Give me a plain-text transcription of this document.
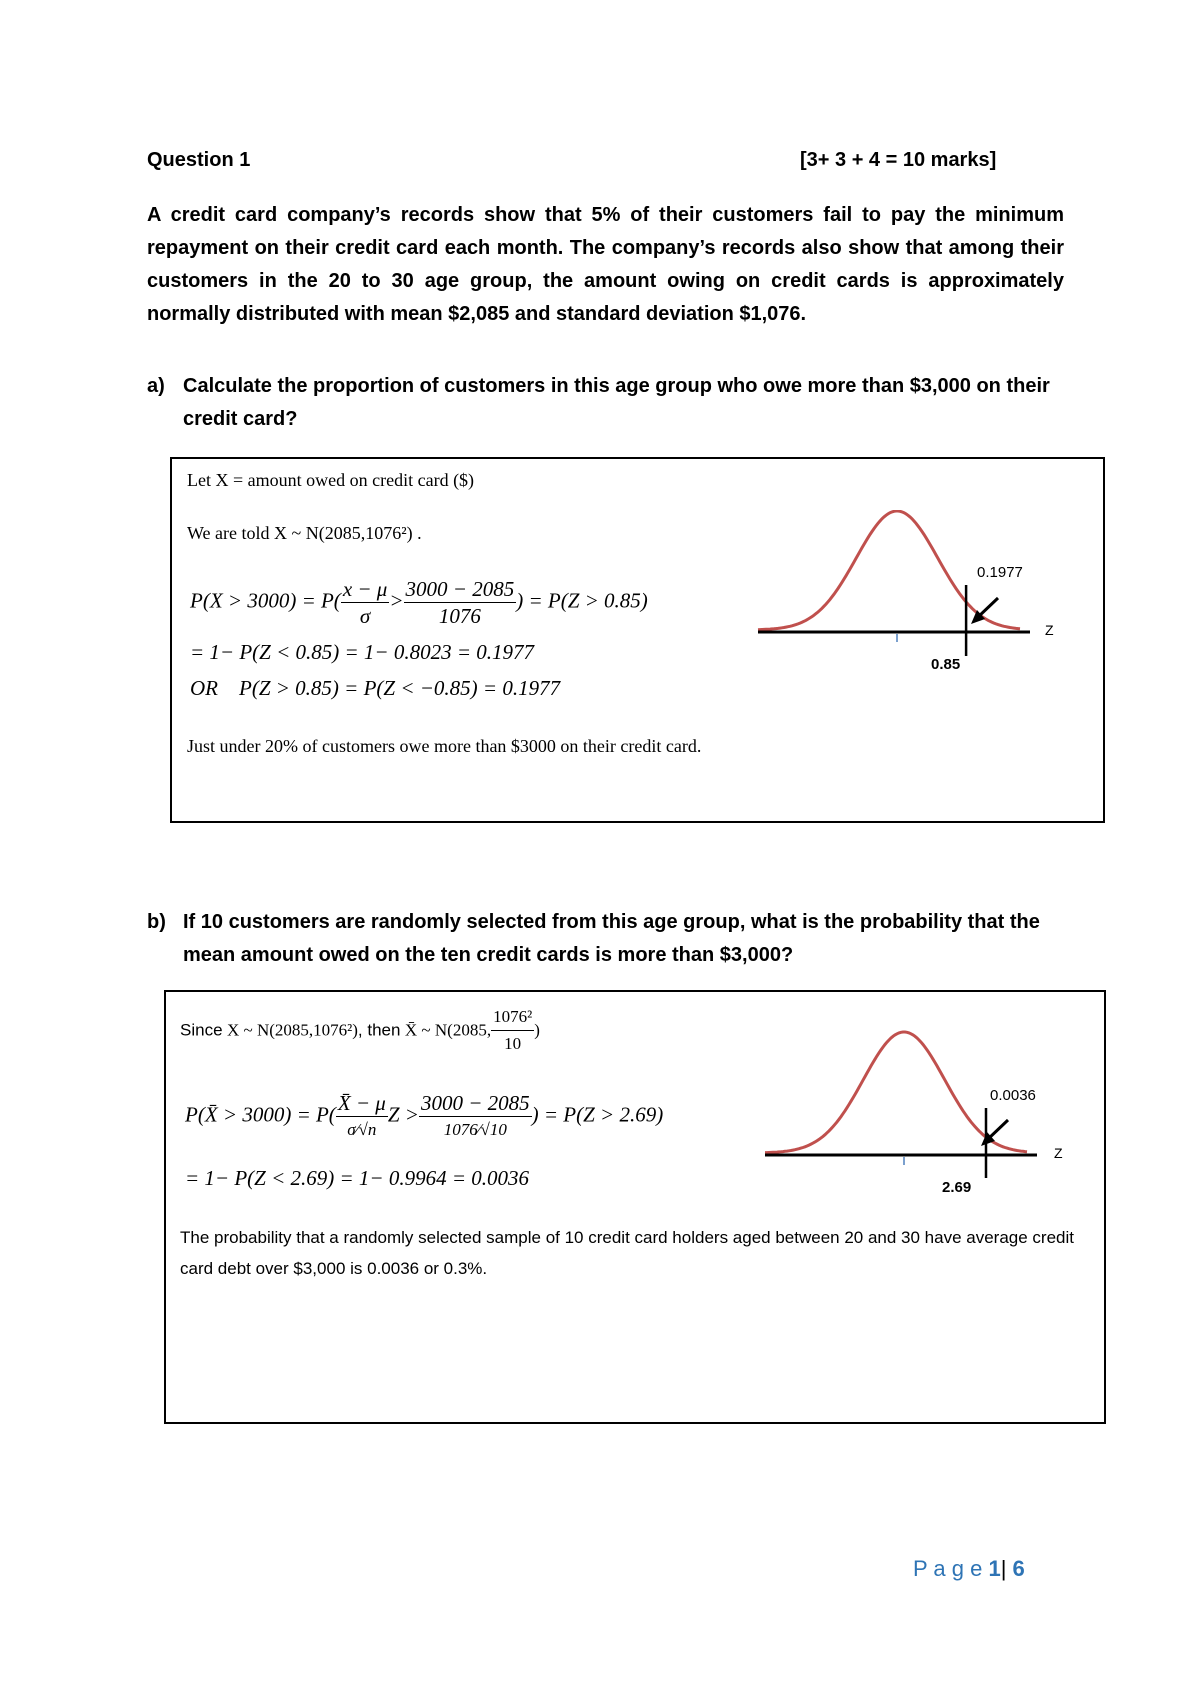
Question 1	[3+ 3 + 4 = 10 marks]
A credit card company’s records show that 5% of their customers fail to pay the minimum repayment on their credit card each month. The company’s records also show that among their customers in the 20 to 30 age group, the amount owing on credit cards is approximately normally distributed with mean $2,085 and standard deviation $1,076.
a) Calculate the proportion of customers in this age group who owe more than $3,000 on their credit card?
Let X = amount owed on credit card ($)
We are told X ~ N(2085,1076²) .
$P(X > 3000) = P( \frac{x - \mu}{\sigma} > \frac{3000 - 2085}{1076}$ ) = P(Z > 0.85)
= 1− P(Z < 0.85) = 1− 0.8023 = 0.1977
OR P(Z > 0.85) = P(Z < −0.85) = 0.1977
Just under 20% of customers owe more than $3000 on their credit card.
0.1977
0.85
Z
b) If 10 customers are randomly selected from this age group, what is the probability that the mean amount owed on the ten credit cards is more than $3,000?
Since X ~ N(2085,1076²), then X̄ ~ N(2085, $\frac{\text{1076²}}{10}$ )
P(X̄ > $3000) = P( \frac{X̄ - \mu}{\sigma⁄√n}$ $Z > \frac{3000 - 2085}{1076⁄√10}$ ) = P(Z > 2.69)
= 1− P(Z < 2.69) = 1− 0.9964 = 0.0036
The probability that a randomly selected sample of 10 credit card holders aged between 20 and 30 have average credit card debt over $3,000 is 0.0036 or 0.3%.
0.0036
2.69
Z
P a g e 1| 6
